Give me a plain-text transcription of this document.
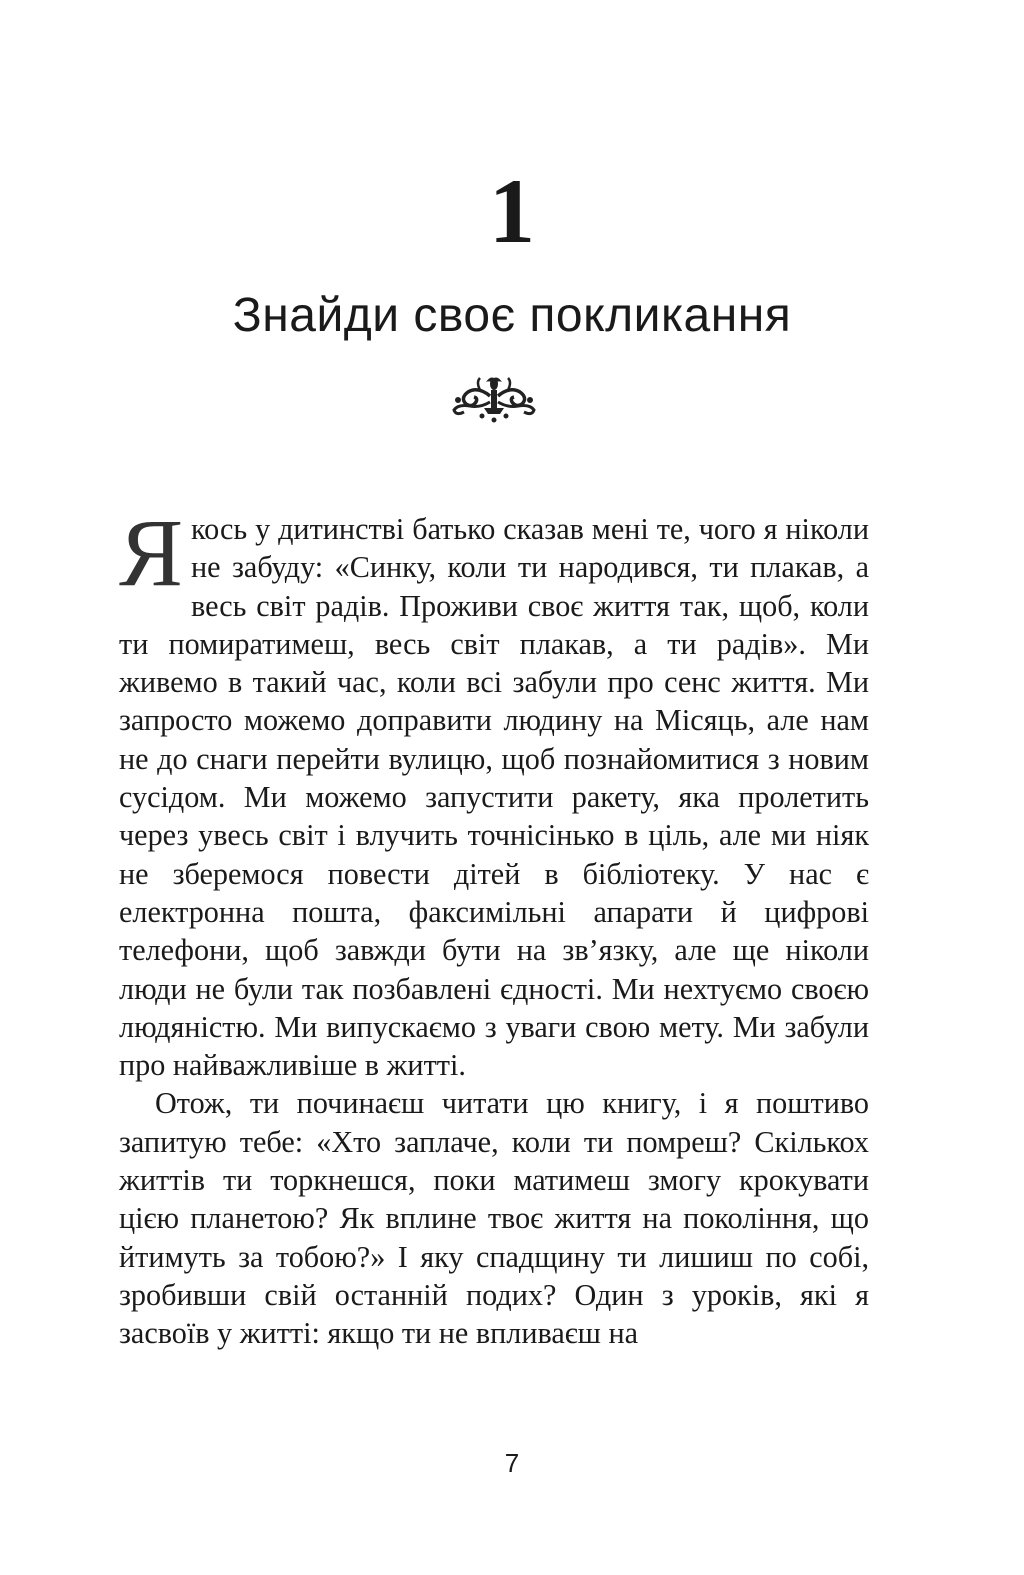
1
Знайди своє покликання

Якось у дитинстві батько сказав мені те, чого я ніколи не забуду: «Синку, коли ти народився, ти плакав, а весь світ радів. Проживи своє життя так, щоб, коли ти помиратимеш, весь світ плакав, а ти радів». Ми живемо в такий час, коли всі забули про сенс життя. Ми запросто можемо доправити людину на Місяць, але нам не до снаги перейти вулицю, щоб познайомитися з новим сусідом. Ми можемо запустити ракету, яка пролетить через увесь світ і влучить точнісінько в ціль, але ми ніяк не зберемося повести дітей в бібліотеку. У нас є електронна пошта, факсимільні апарати й цифрові телефони, щоб завжди бути на зв’язку, але ще ніколи люди не були так позбавлені єдності. Ми нехтуємо своєю людяністю. Ми випускаємо з уваги свою мету. Ми забули про найважливіше в житті.

Отож, ти починаєш читати цю книгу, і я поштиво запитую тебе: «Хто заплаче, коли ти помреш? Скількох життів ти торкнешся, поки матимеш змогу крокувати цією планетою? Як вплине твоє життя на покоління, що йтимуть за тобою?» І яку спадщину ти лишиш по собі, зробивши свій останній подих? Один з уроків, які я засвоїв у житті: якщо ти не впливаєш на

7
